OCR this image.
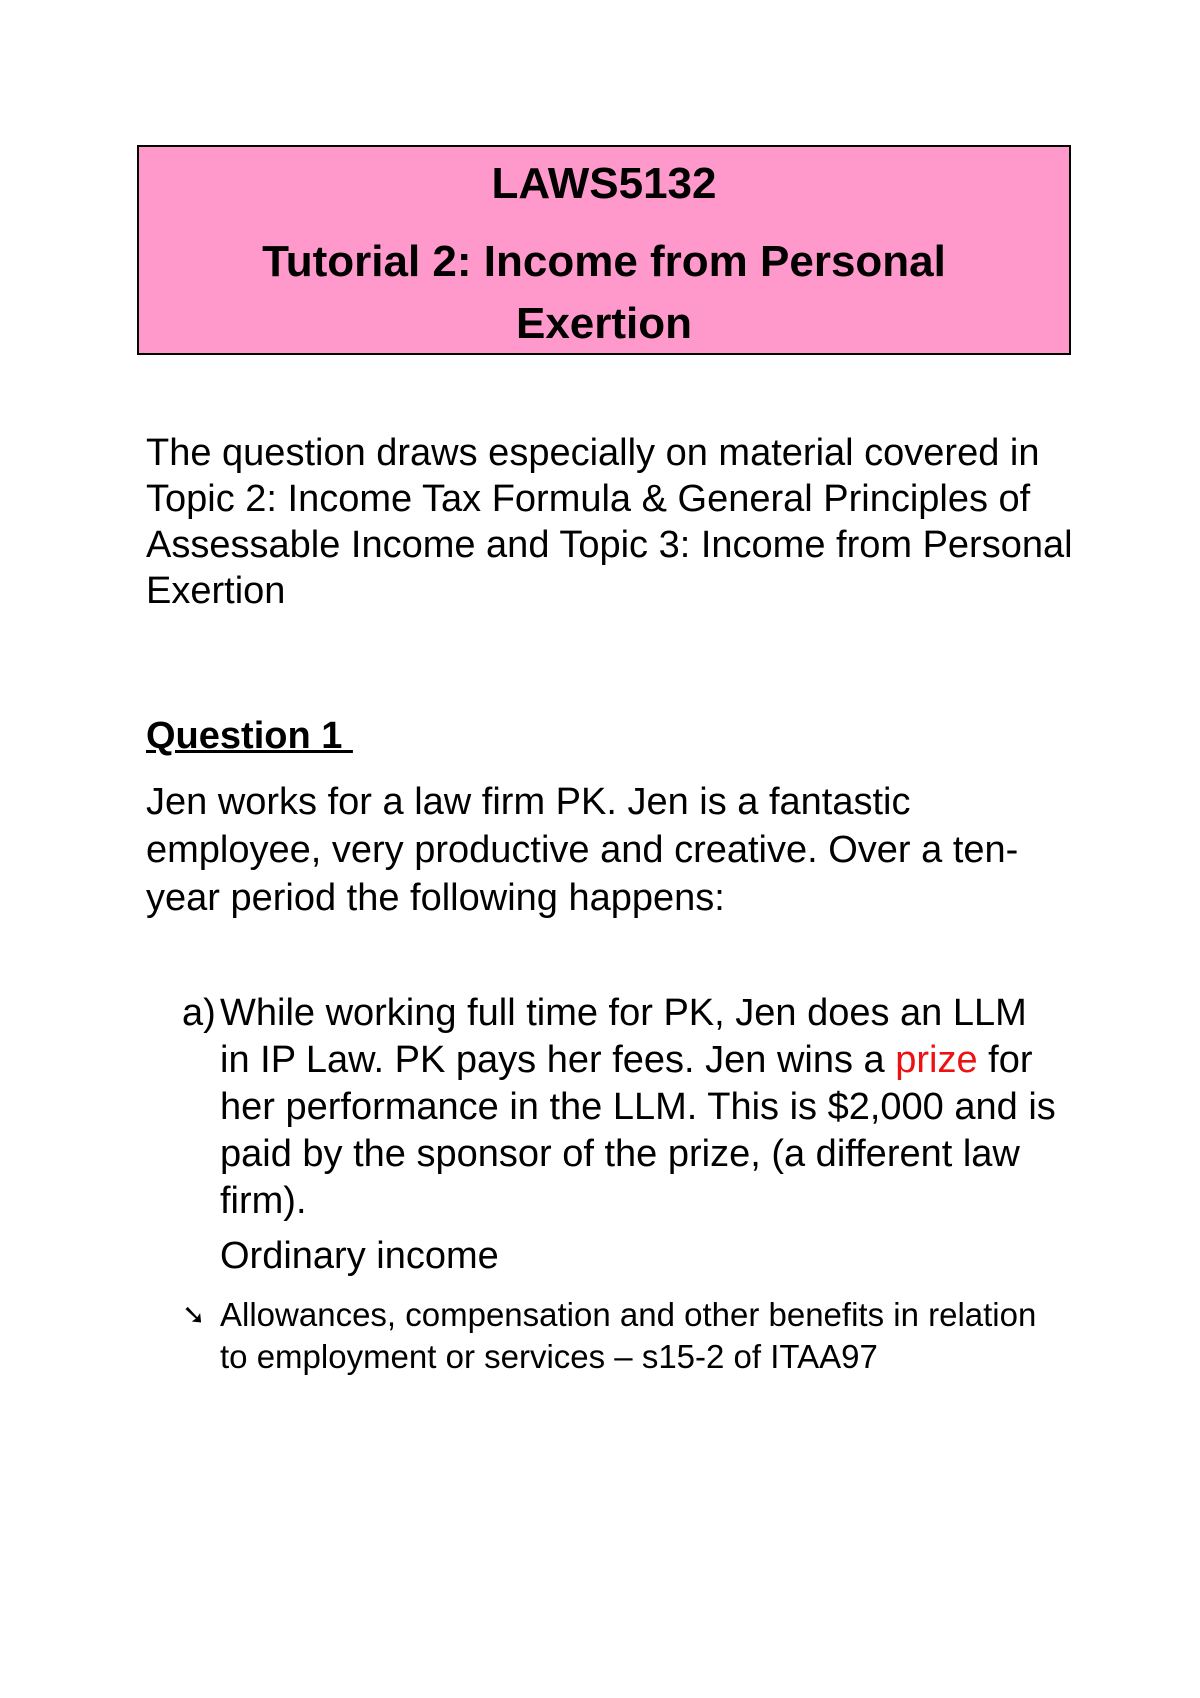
LAWS5132
Tutorial 2: Income from Personal Exertion

The question draws especially on material covered in Topic 2: Income Tax Formula & General Principles of Assessable Income and Topic 3: Income from Personal Exertion

Question 1

Jen works for a law firm PK. Jen is a fantastic employee, very productive and creative. Over a ten-year period the following happens:

a) While working full time for PK, Jen does an LLM in IP Law. PK pays her fees. Jen wins a prize for her performance in the LLM. This is $2,000 and is paid by the sponsor of the prize, (a different law firm).
Ordinary income
➘ Allowances, compensation and other benefits in relation to employment or services – s15-2 of ITAA97
